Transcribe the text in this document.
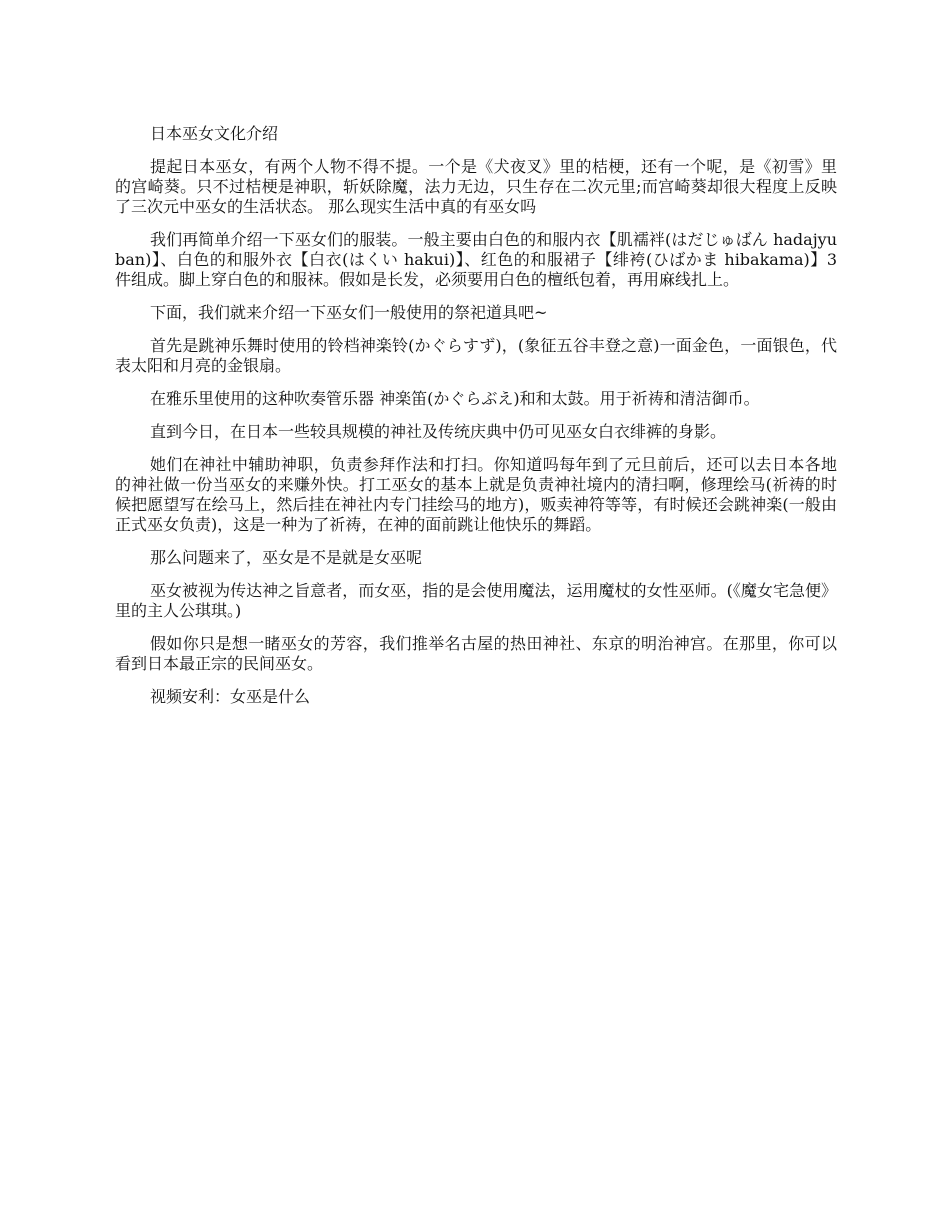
日本巫女文化介绍

提起日本巫女，有两个人物不得不提。一个是《犬夜叉》里的桔梗，还有一个呢，是《初雪》里的宫崎葵。只不过桔梗是神职，斩妖除魔，法力无边，只生存在二次元里;而宫崎葵却很大程度上反映了三次元中巫女的生活状态。 那么现实生活中真的有巫女吗

我们再简单介绍一下巫女们的服装。一般主要由白色的和服内衣【肌襦袢(はだじゅばん hadajyuban)】、白色的和服外衣【白衣(はくい hakui)】、红色的和服裙子【绯袴(ひばかま hibakama)】3 件组成。脚上穿白色的和服袜。假如是长发，必须要用白色的檀纸包着，再用麻线扎上。

下面，我们就来介绍一下巫女们一般使用的祭祀道具吧~

首先是跳神乐舞时使用的铃档神楽铃(かぐらすず)，(象征五谷丰登之意)一面金色，一面银色，代表太阳和月亮的金银扇。

在雅乐里使用的这种吹奏管乐器 神楽笛(かぐらぶえ)和和太鼓。用于祈祷和清洁御币。

直到今日，在日本一些较具规模的神社及传统庆典中仍可见巫女白衣绯裤的身影。

她们在神社中辅助神职，负责参拜作法和打扫。你知道吗每年到了元旦前后，还可以去日本各地的神社做一份当巫女的来赚外快。打工巫女的基本上就是负责神社境内的清扫啊，修理绘马(祈祷的时候把愿望写在绘马上，然后挂在神社内专门挂绘马的地方)，贩卖神符等等，有时候还会跳神楽(一般由正式巫女负责)，这是一种为了祈祷，在神的面前跳让他快乐的舞蹈。

那么问题来了，巫女是不是就是女巫呢

巫女被视为传达神之旨意者，而女巫，指的是会使用魔法，运用魔杖的女性巫师。(《魔女宅急便》里的主人公琪琪。)

假如你只是想一睹巫女的芳容，我们推举名古屋的热田神社、东京的明治神宫。在那里，你可以看到日本最正宗的民间巫女。

视频安利：女巫是什么
